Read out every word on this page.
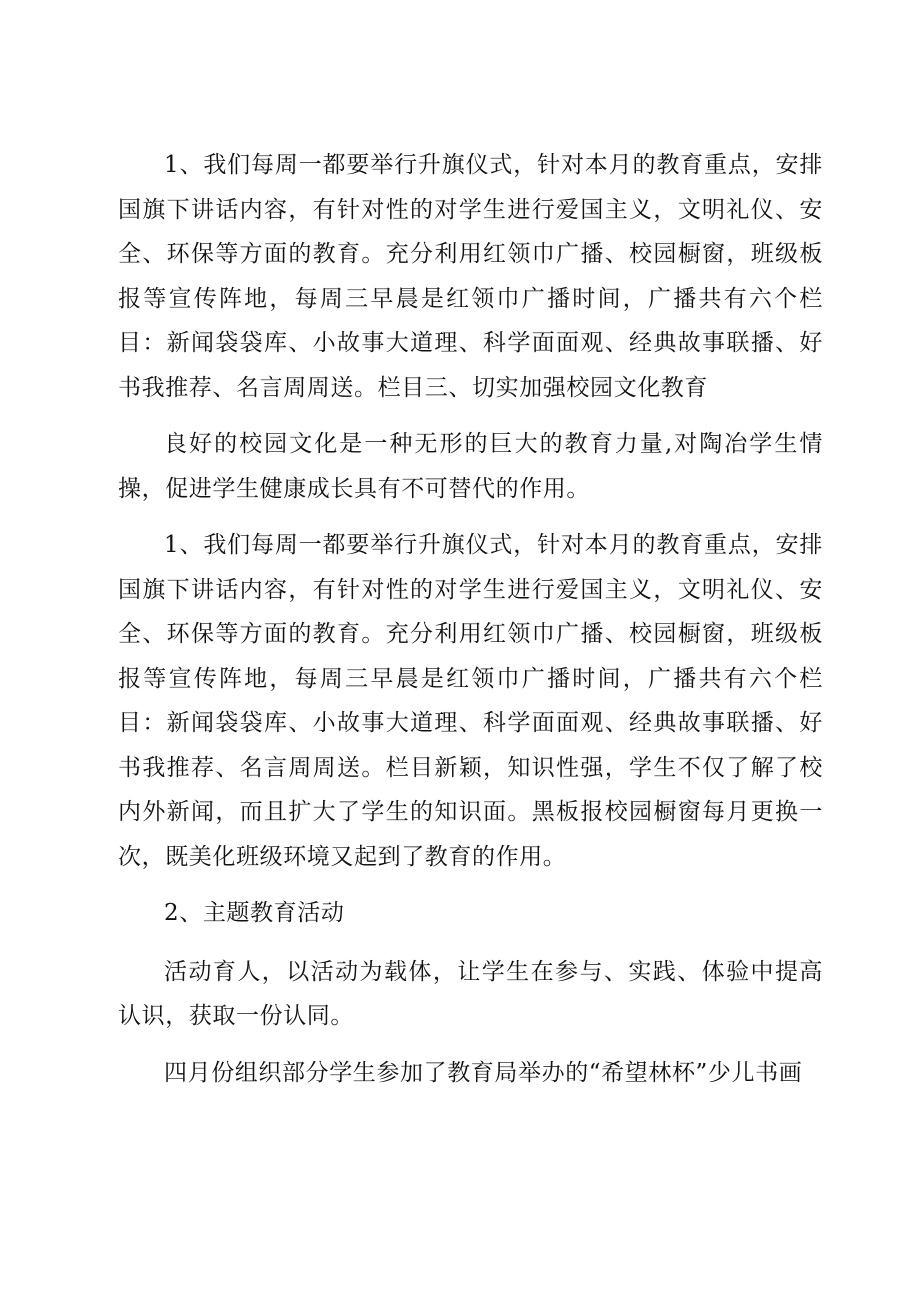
1、我们每周一都要举行升旗仪式，针对本月的教育重点，安排国旗下讲话内容，有针对性的对学生进行爱国主义，文明礼仪、安全、环保等方面的教育。充分利用红领巾广播、校园橱窗，班级板报等宣传阵地，每周三早晨是红领巾广播时间，广播共有六个栏目：新闻袋袋库、小故事大道理、科学面面观、经典故事联播、好书我推荐、名言周周送。栏目三、切实加强校园文化教育

良好的校园文化是一种无形的巨大的教育力量,对陶冶学生情操，促进学生健康成长具有不可替代的作用。

1、我们每周一都要举行升旗仪式，针对本月的教育重点，安排国旗下讲话内容，有针对性的对学生进行爱国主义，文明礼仪、安全、环保等方面的教育。充分利用红领巾广播、校园橱窗，班级板报等宣传阵地，每周三早晨是红领巾广播时间，广播共有六个栏目：新闻袋袋库、小故事大道理、科学面面观、经典故事联播、好书我推荐、名言周周送。栏目新颖，知识性强，学生不仅了解了校内外新闻，而且扩大了学生的知识面。黑板报校园橱窗每月更换一次，既美化班级环境又起到了教育的作用。

2、主题教育活动

活动育人，以活动为载体，让学生在参与、实践、体验中提高认识，获取一份认同。

四月份组织部分学生参加了教育局举办的“希望林杯”少儿书画
